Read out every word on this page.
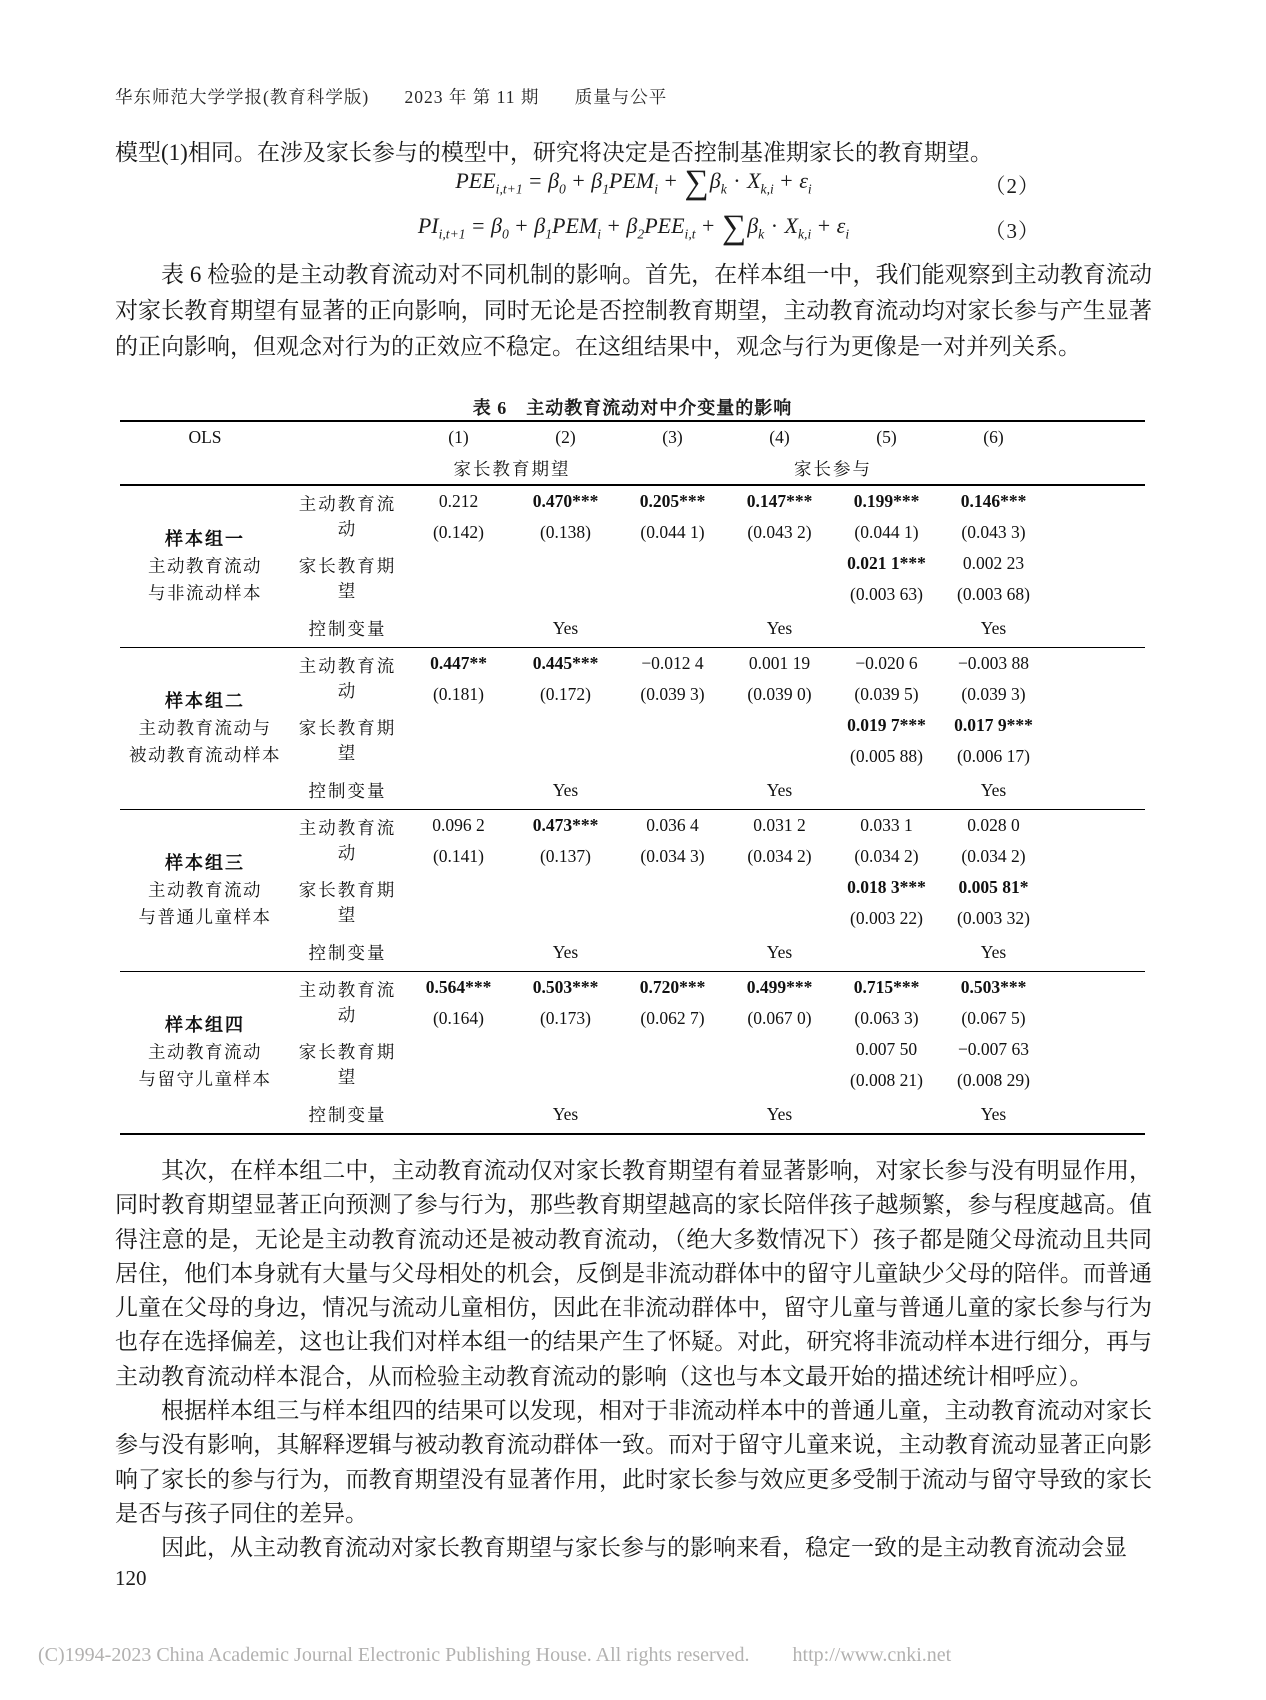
华东师范大学学报(教育科学版) 2023 年 第 11 期 质量与公平

模型(1)相同。在涉及家长参与的模型中，研究将决定是否控制基准期家长的教育期望。

$PEE_{i,t+1} = \beta_0 + \beta_1PEM_i + \sum\beta_k \cdot X_{k,i} + \varepsilon_i$	（2）
$PI_{i,t+1} = \beta_0 + \beta_1PEM_i + \beta_2PEE_{i,t} + \sum\beta_k \cdot X_{k,i} + \varepsilon_i$	（3）

表 6 检验的是主动教育流动对不同机制的影响。首先，在样本组一中，我们能观察到主动教育流动对家长教育期望有显著的正向影响，同时无论是否控制教育期望，主动教育流动均对家长参与产生显著的正向影响，但观念对行为的正效应不稳定。在这组结果中，观念与行为更像是一对并列关系。

表 6　主动教育流动对中介变量的影响
OLS		(1)	(2)	(3)	(4)	(5)	(6)	
		家长教育期望		家长参与				

样本组一
主动教育流动
与非流动样本	主动教育流动	0.212	0.470***	0.205***	0.147***	0.199***	0.146***	
		(0.142)	(0.138)	(0.044 1)	(0.043 2)	(0.044 1)	(0.043 3)	
	家长教育期望					0.021 1***	0.002 23	
						(0.003 63)	(0.003 68)	
	控制变量		Yes		Yes		Yes	

样本组二
主动教育流动与
被动教育流动样本	主动教育流动	0.447**	0.445***	−0.012 4	0.001 19	−0.020 6	−0.003 88	
		(0.181)	(0.172)	(0.039 3)	(0.039 0)	(0.039 5)	(0.039 3)	
	家长教育期望					0.019 7***	0.017 9***	
						(0.005 88)	(0.006 17)	
	控制变量		Yes		Yes		Yes	

样本组三
主动教育流动
与普通儿童样本	主动教育流动	0.096 2	0.473***	0.036 4	0.031 2	0.033 1	0.028 0	
		(0.141)	(0.137)	(0.034 3)	(0.034 2)	(0.034 2)	(0.034 2)	
	家长教育期望					0.018 3***	0.005 81*	
						(0.003 22)	(0.003 32)	
	控制变量		Yes		Yes		Yes	

样本组四
主动教育流动
与留守儿童样本	主动教育流动	0.564***	0.503***	0.720***	0.499***	0.715***	0.503***	
		(0.164)	(0.173)	(0.062 7)	(0.067 0)	(0.063 3)	(0.067 5)	
	家长教育期望					0.007 50	−0.007 63	
						(0.008 21)	(0.008 29)	
	控制变量		Yes		Yes		Yes	

其次，在样本组二中，主动教育流动仅对家长教育期望有着显著影响，对家长参与没有明显作用，同时教育期望显著正向预测了参与行为，那些教育期望越高的家长陪伴孩子越频繁，参与程度越高。值得注意的是，无论是主动教育流动还是被动教育流动，（绝大多数情况下）孩子都是随父母流动且共同居住，他们本身就有大量与父母相处的机会，反倒是非流动群体中的留守儿童缺少父母的陪伴。而普通儿童在父母的身边，情况与流动儿童相仿，因此在非流动群体中，留守儿童与普通儿童的家长参与行为也存在选择偏差，这也让我们对样本组一的结果产生了怀疑。对此，研究将非流动样本进行细分，再与主动教育流动样本混合，从而检验主动教育流动的影响（这也与本文最开始的描述统计相呼应）。

根据样本组三与样本组四的结果可以发现，相对于非流动样本中的普通儿童，主动教育流动对家长参与没有影响，其解释逻辑与被动教育流动群体一致。而对于留守儿童来说，主动教育流动显著正向影响了家长的参与行为，而教育期望没有显著作用，此时家长参与效应更多受制于流动与留守导致的家长是否与孩子同住的差异。

因此，从主动教育流动对家长教育期望与家长参与的影响来看，稳定一致的是主动教育流动会显

120
(C)1994-2023 China Academic Journal Electronic Publishing House. All rights reserved. http://www.cnki.net
